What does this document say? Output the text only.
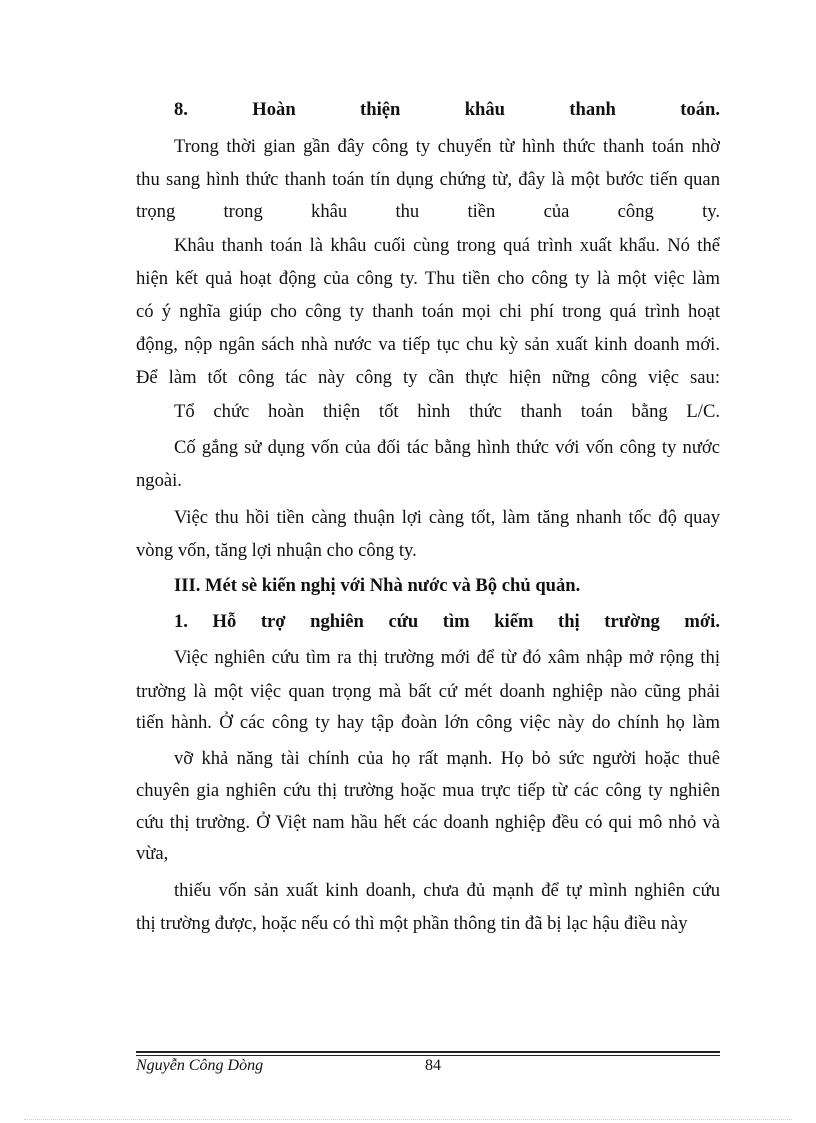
8. Hoàn thiện khâu thanh toán.
Trong thời gian gần đây công ty chuyển từ hình thức thanh toán nhờ
thu sang hình thức thanh toán tín dụng chứng từ, đây là một bước tiến quan
trọng trong khâu thu tiền của công ty.
Khâu thanh toán là khâu cuối cùng trong quá trình xuất khẩu. Nó thể
hiện kết quả hoạt động của công ty. Thu tiền cho công ty là một việc làm
có ý nghĩa giúp cho công ty thanh toán mọi chi phí trong quá trình hoạt
động, nộp ngân sách nhà nước va tiếp tục chu kỳ sản xuất kinh doanh mới.
Để làm tốt công tác này công ty cần thực hiện nững công việc sau:
Tổ chức hoàn thiện tốt hình thức thanh toán bằng L/C.
Cố gắng sử dụng vốn của đối tác bằng hình thức với vốn công ty nước
ngoài.
Việc thu hồi tiền càng thuận lợi càng tốt, làm tăng nhanh tốc độ quay
vòng vốn, tăng lợi nhuận cho công ty.
III. Mét sè kiến nghị với Nhà nước và Bộ chủ quản.
1. Hỗ trợ nghiên cứu tìm kiếm thị trường mới.
Việc nghiên cứu tìm ra thị trường mới để từ đó xâm nhập mở rộng thị
trường là một việc quan trọng mà bất cứ mét doanh nghiệp nào cũng phải
tiến hành. Ở các công ty hay tập đoàn lớn công việc này do chính họ làm
vỡ khả năng tài chính của họ rất mạnh. Họ bỏ sức người hoặc thuê
chuyên gia nghiên cứu thị trường hoặc mua trực tiếp từ các công ty nghiên
cứu thị trường. Ở Việt nam hầu hết các doanh nghiệp đều có qui mô nhỏ và
vừa,
thiếu vốn sản xuất kinh doanh, chưa đủ mạnh để tự mình nghiên cứu
thị trường được, hoặc nếu có thì một phần thông tin đã bị lạc hậu điều này
Nguyễn Công Dòng	84
